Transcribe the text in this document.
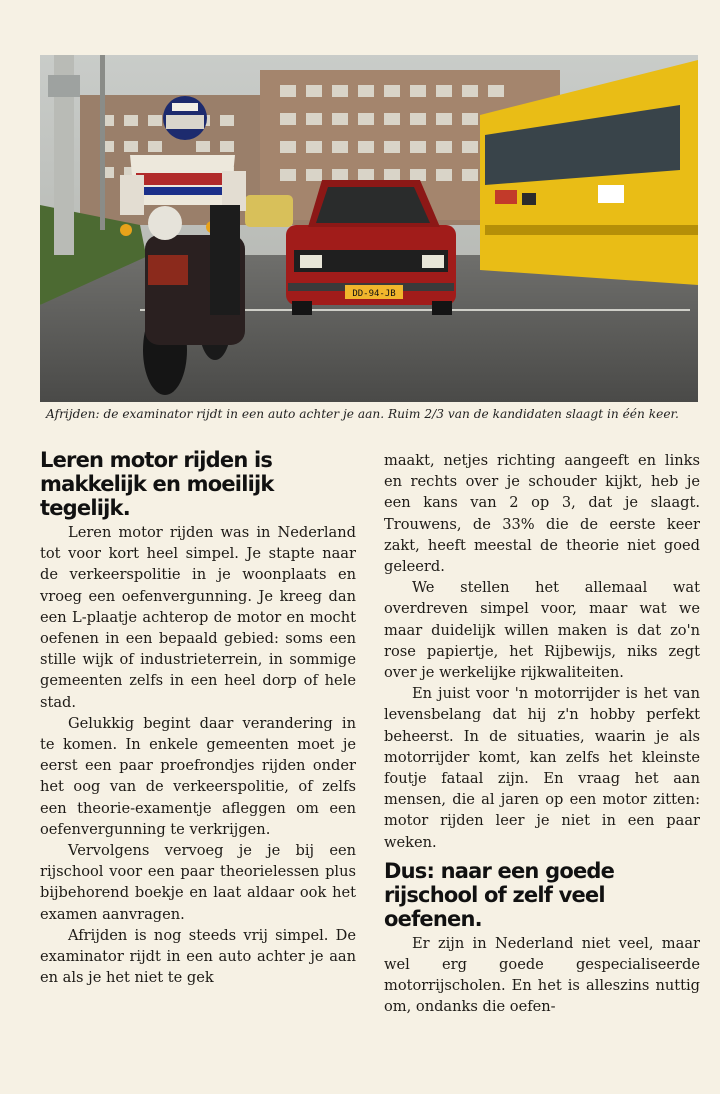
DD-94-JB
Afrijden: de examinator rijdt in een auto achter je aan. Ruim 2/3 van de kandidaten slaagt in één keer.
Leren motor rijden is makkelijk en moeilijk tegelijk.

Leren motor rijden was in Nederland tot voor kort heel simpel. Je stapte naar de verkeerspolitie in je woonplaats en vroeg een oefenvergunning. Je kreeg dan een L-plaatje achterop de motor en mocht oefenen in een bepaald gebied: soms een stille wijk of industrieterrein, in sommige gemeenten zelfs in een heel dorp of hele stad.

Gelukkig begint daar verandering in te komen. In enkele gemeenten moet je eerst een paar proefrondjes rijden onder het oog van de verkeerspolitie, of zelfs een theorie-examentje afleggen om een oefenvergunning te verkrijgen.

Vervolgens vervoeg je je bij een rijschool voor een paar theorielessen plus bijbehorend boekje en laat aldaar ook het examen aanvragen.

Afrijden is nog steeds vrij simpel. De examinator rijdt in een auto achter je aan en als je het niet te gek

maakt, netjes richting aangeeft en links en rechts over je schouder kijkt, heb je een kans van 2 op 3, dat je slaagt. Trouwens, de 33% die de eerste keer zakt, heeft meestal de theorie niet goed geleerd.

We stellen het allemaal wat overdreven simpel voor, maar wat we maar duidelijk willen maken is dat zo'n rose papiertje, het Rijbewijs, niks zegt over je werkelijke rijkwaliteiten.

En juist voor 'n motorrijder is het van levensbelang dat hij z'n hobby perfekt beheerst. In de situaties, waarin je als motorrijder komt, kan zelfs het kleinste foutje fataal zijn. En vraag het aan mensen, die al jaren op een motor zitten: motor rijden leer je niet in een paar weken.

Dus: naar een goede rijschool of zelf veel oefenen.

Er zijn in Nederland niet veel, maar wel erg goede gespecialiseerde motorrijscholen. En het is alleszins nuttig om, ondanks die oefen-
